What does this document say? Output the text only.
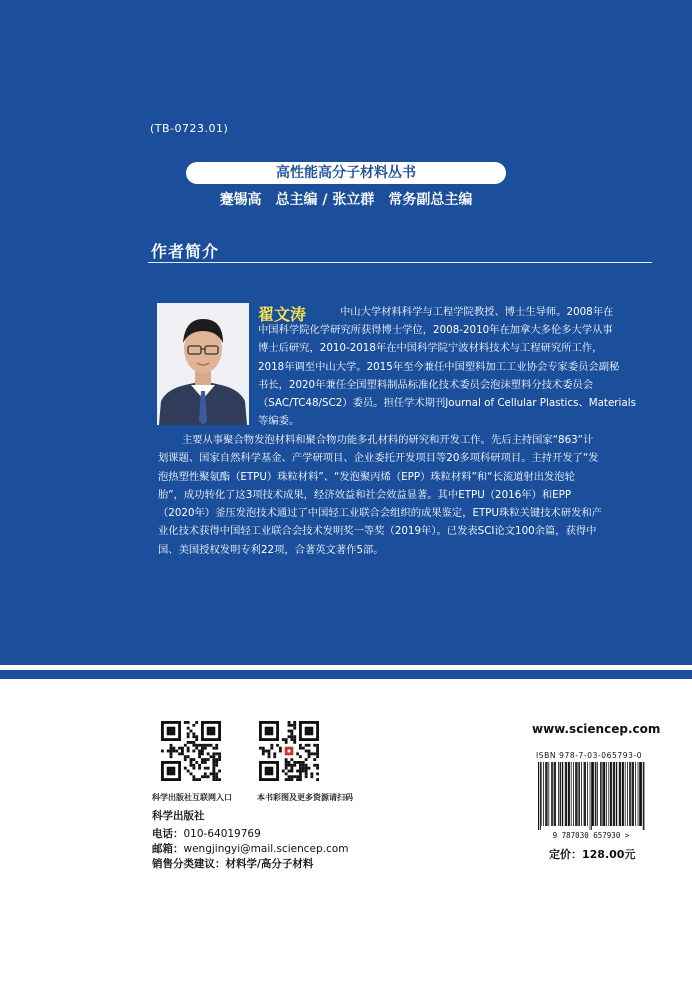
(TB-0723.01)
高性能高分子材料丛书
蹇锡高　总主编 / 张立群　常务副总主编
作者简介
翟文涛	中山大学材料科学与工程学院教授、博士生导师。2008年在
中国科学院化学研究所获得博士学位，2008-2010年在加拿大多伦多大学从事
博士后研究，2010-2018年在中国科学院宁波材料技术与工程研究所工作，
2018年调至中山大学。2015年至今兼任中国塑料加工工业协会专家委员会副秘
书长，2020年兼任全国塑料制品标准化技术委员会泡沫塑料分技术委员会
（SAC/TC48/SC2）委员。担任学术期刊Journal of Cellular Plastics、Materials
等编委。
主要从事聚合物发泡材料和聚合物功能多孔材料的研究和开发工作。先后主持国家“863”计
划课题、国家自然科学基金、产学研项目、企业委托开发项目等20多项科研项目。主持开发了“发
泡热塑性聚氨酯（ETPU）珠粒材料”、“发泡聚丙烯（EPP）珠粒材料”和“长流道射出发泡轮
胎”，成功转化了这3项技术成果，经济效益和社会效益显著。其中ETPU（2016年）和EPP
（2020年）釜压发泡技术通过了中国轻工业联合会组织的成果鉴定，ETPU珠粒关键技术研发和产
业化技术获得中国轻工业联合会技术发明奖一等奖（2019年）。已发表SCI论文100余篇，获得中
国、美国授权发明专利22项，合著英文著作5部。
科学出版社互联网入口	本书彩图及更多资源请扫码
科学出版社
电话：010-64019769
邮箱：wengjingyi@mail.sciencep.com
销售分类建议：材料学/高分子材料
www.sciencep.com
ISBN 978-7-03-065793-0
9 787030 657930 >
定价：128.00元
